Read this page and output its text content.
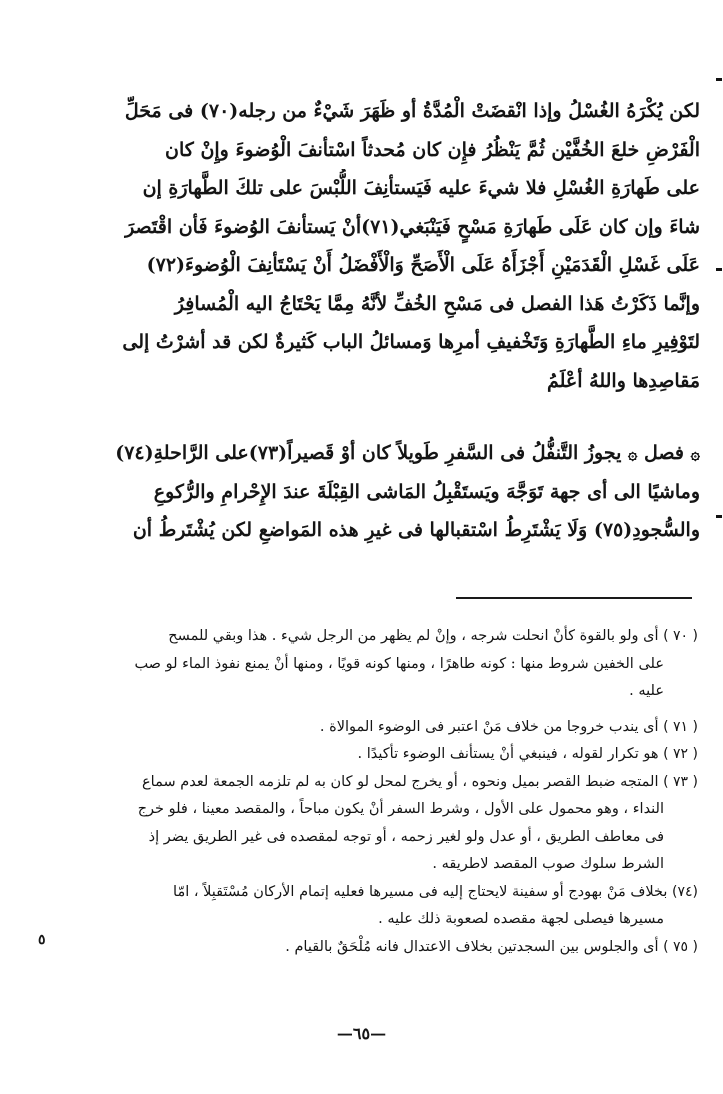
لكن يُكْرَهُ الغُسْلُ وإذا انْقضَتْ الْمُدَّةُ أو ظَهَرَ شَيْءٌ من رجله(٧٠) فى مَحَلِّ
الْفَرْضِ خلعَ الخُفَّيْن ثُمَّ يَنْظُرُ فإِن كان مُحدثاً اسْتأنفَ الْوُضوءَ وإِنْ كان
على طَهارَةِ الغُسْلِ فلا شيءَ عليه فَيَستأنِفَ اللُّبْسَ على تلكَ الطَّهارَةِ إن
شاءَ وإن كان عَلَى طَهارَةِ مَسْحٍ فَيَنْبَغي(٧١)أنْ يَستأنفَ الوُضوءَ فَأن اقْتَصرَ
عَلَى غَسْلِ الْقَدَمَيْنِ أَجْزَأَهُ عَلَى الْأَصَحِّ وَالْأَفْضَلُ أَنْ يَسْتَأنِفَ الْوُضوءَ(٧٢)
وإنَّما ذَكَرْتُ هَذا الفصل فى مَسْحِ الخُفِّ لأنَّهُ مِمَّا يَحْتَاجُ اليه الْمُسافِرُ
لتَوْفِيرِ ماءِ الطَّهارَةِ وَتَخْفيفِ أمرِها وَمسائلُ الباب كَثيرةٌ لكن قد أشرْتُ إلى
مَقاصِدِها واللهُ أعْلَمُ
۞ فصل ۞ يجوزُ التَّنفُّلُ فى السَّفرِ طَويلاً كان أوْ قَصيراً(٧٣)على الرَّاحلةِ(٧٤)
وماشيًا الى أى جهة تَوَجَّهَ ويَستَقْبِلُ المَاشى القِبْلَةَ عندَ الإِحْرامِ والرُّكوعِ
والسُّجودِ(٧٥) وَلَا يَشْتَرِطُ اسْتقبالها فى غيرِ هذه المَواضعِ لكن يُشْتَرطُ أن
( ٧٠ ) أى ولو بالقوة كأنْ انحلت شرجه ، وإنْ لم يظهر من الرجل شيء . هذا وبقي للمسح
على الخفين شروط منها : كونه طاهرًا ، ومنها كونه قويًا ، ومنها أنْ يمنع نفوذ الماء لو صب
عليه .
( ٧١ ) أى يندب خروجا من خلاف مَنْ اعتبر فى الوضوء الموالاة .
( ٧٢ ) هو تكرار لقوله ، فينبغي أنْ يستأنف الوضوء تأكيدًا .
( ٧٣ ) المتجه ضبط القصر بميل ونحوه ، أو يخرج لمحل لو كان به لم تلزمه الجمعة لعدم سماع
النداء ، وهو محمول على الأول ، وشرط السفر أنْ يكون مباحاً ، والمقصد معينا ، فلو خرج
فى معاطف الطريق ، أو عدل ولو لغير زحمه ، أو توجه لمقصده فى غير الطريق يضر إذ
الشرط سلوك صوب المقصد لاطريقه .
(٧٤) بخلاف مَنْ بهودج أو سفينة لايحتاج إليه فى مسيرها فعليه إتمام الأركان مُسْتَقبِلاً ، امّا
مسيرها فيصلى لجهة مقصده لصعوبة ذلك عليه .
( ٧٥ ) أى والجلوس بين السجدتين بخلاف الاعتدال فانه مُلْحَقٌ بالقيام .
٥
—٦٥—
